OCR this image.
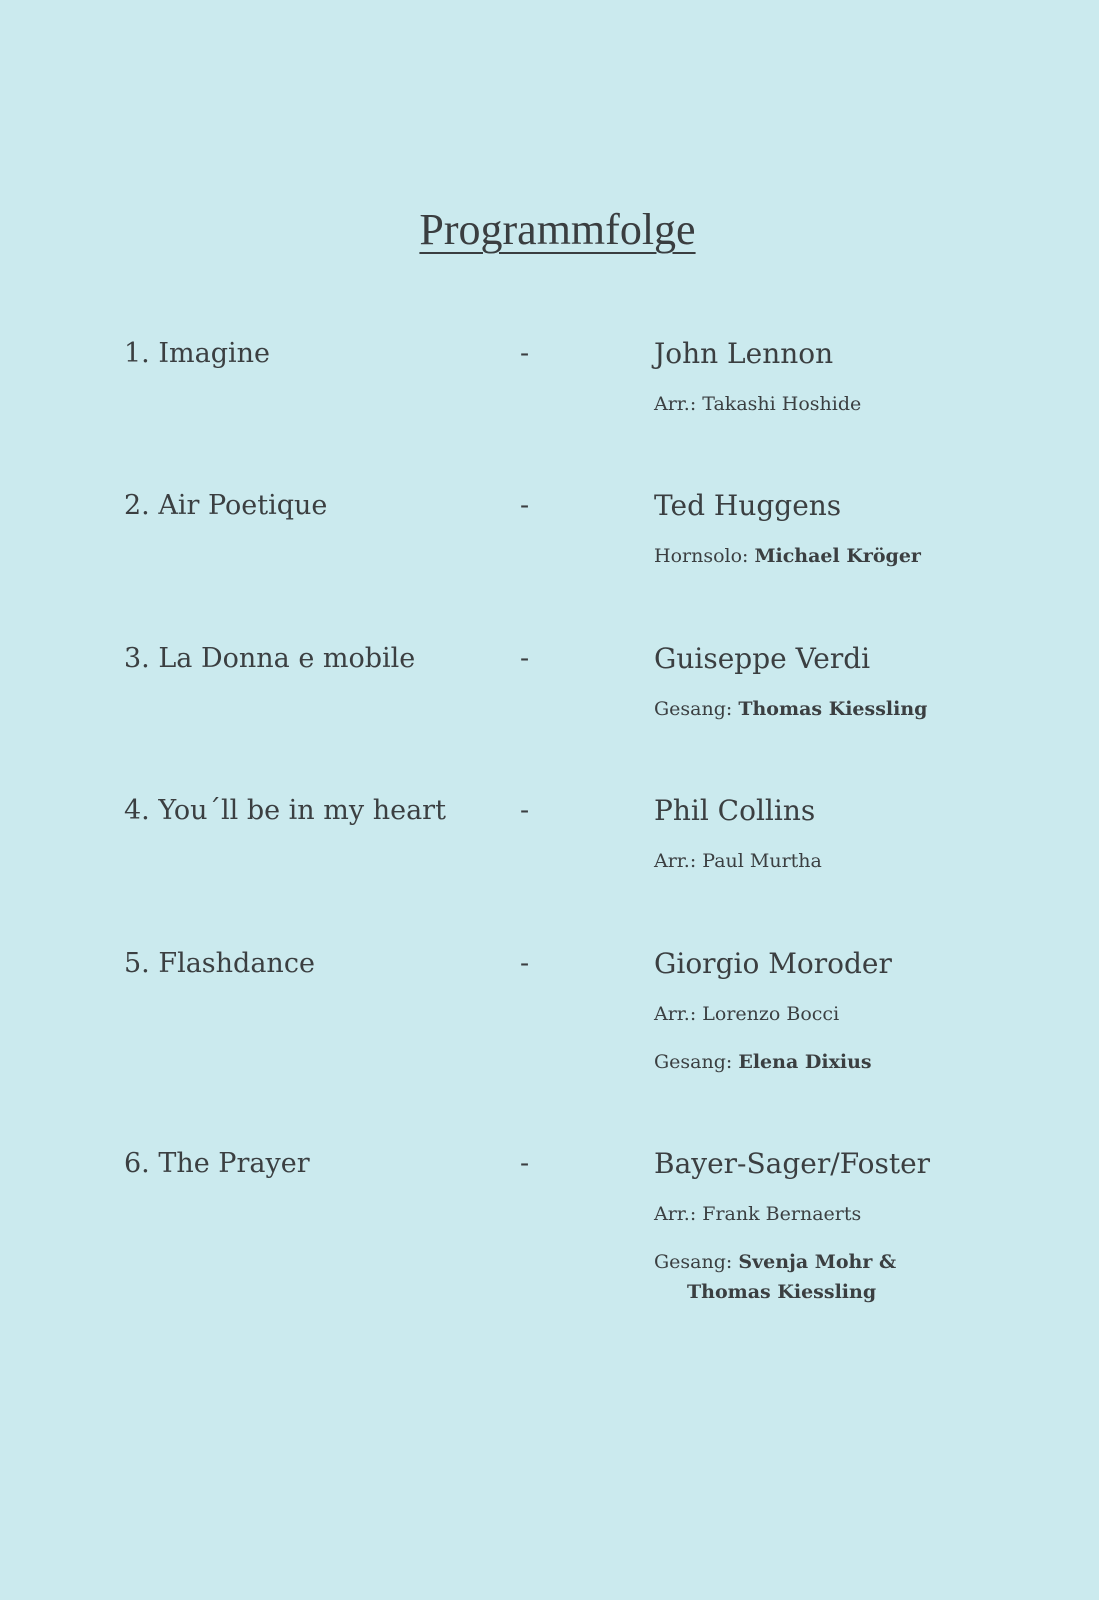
Programmfolge
1. Imagine	-	John Lennon
Arr.: Takashi Hoshide
2. Air Poetique	-	Ted Huggens
Hornsolo: Michael Kröger
3. La Donna e mobile	-	Guiseppe Verdi
Gesang: Thomas Kiessling
4. You´ll be in my heart	-	Phil Collins
Arr.: Paul Murtha
5. Flashdance	-	Giorgio Moroder
Arr.: Lorenzo Bocci
Gesang: Elena Dixius
6. The Prayer	-	Bayer-Sager/Foster
Arr.: Frank Bernaerts
Gesang: Svenja Mohr &
Thomas Kiessling
